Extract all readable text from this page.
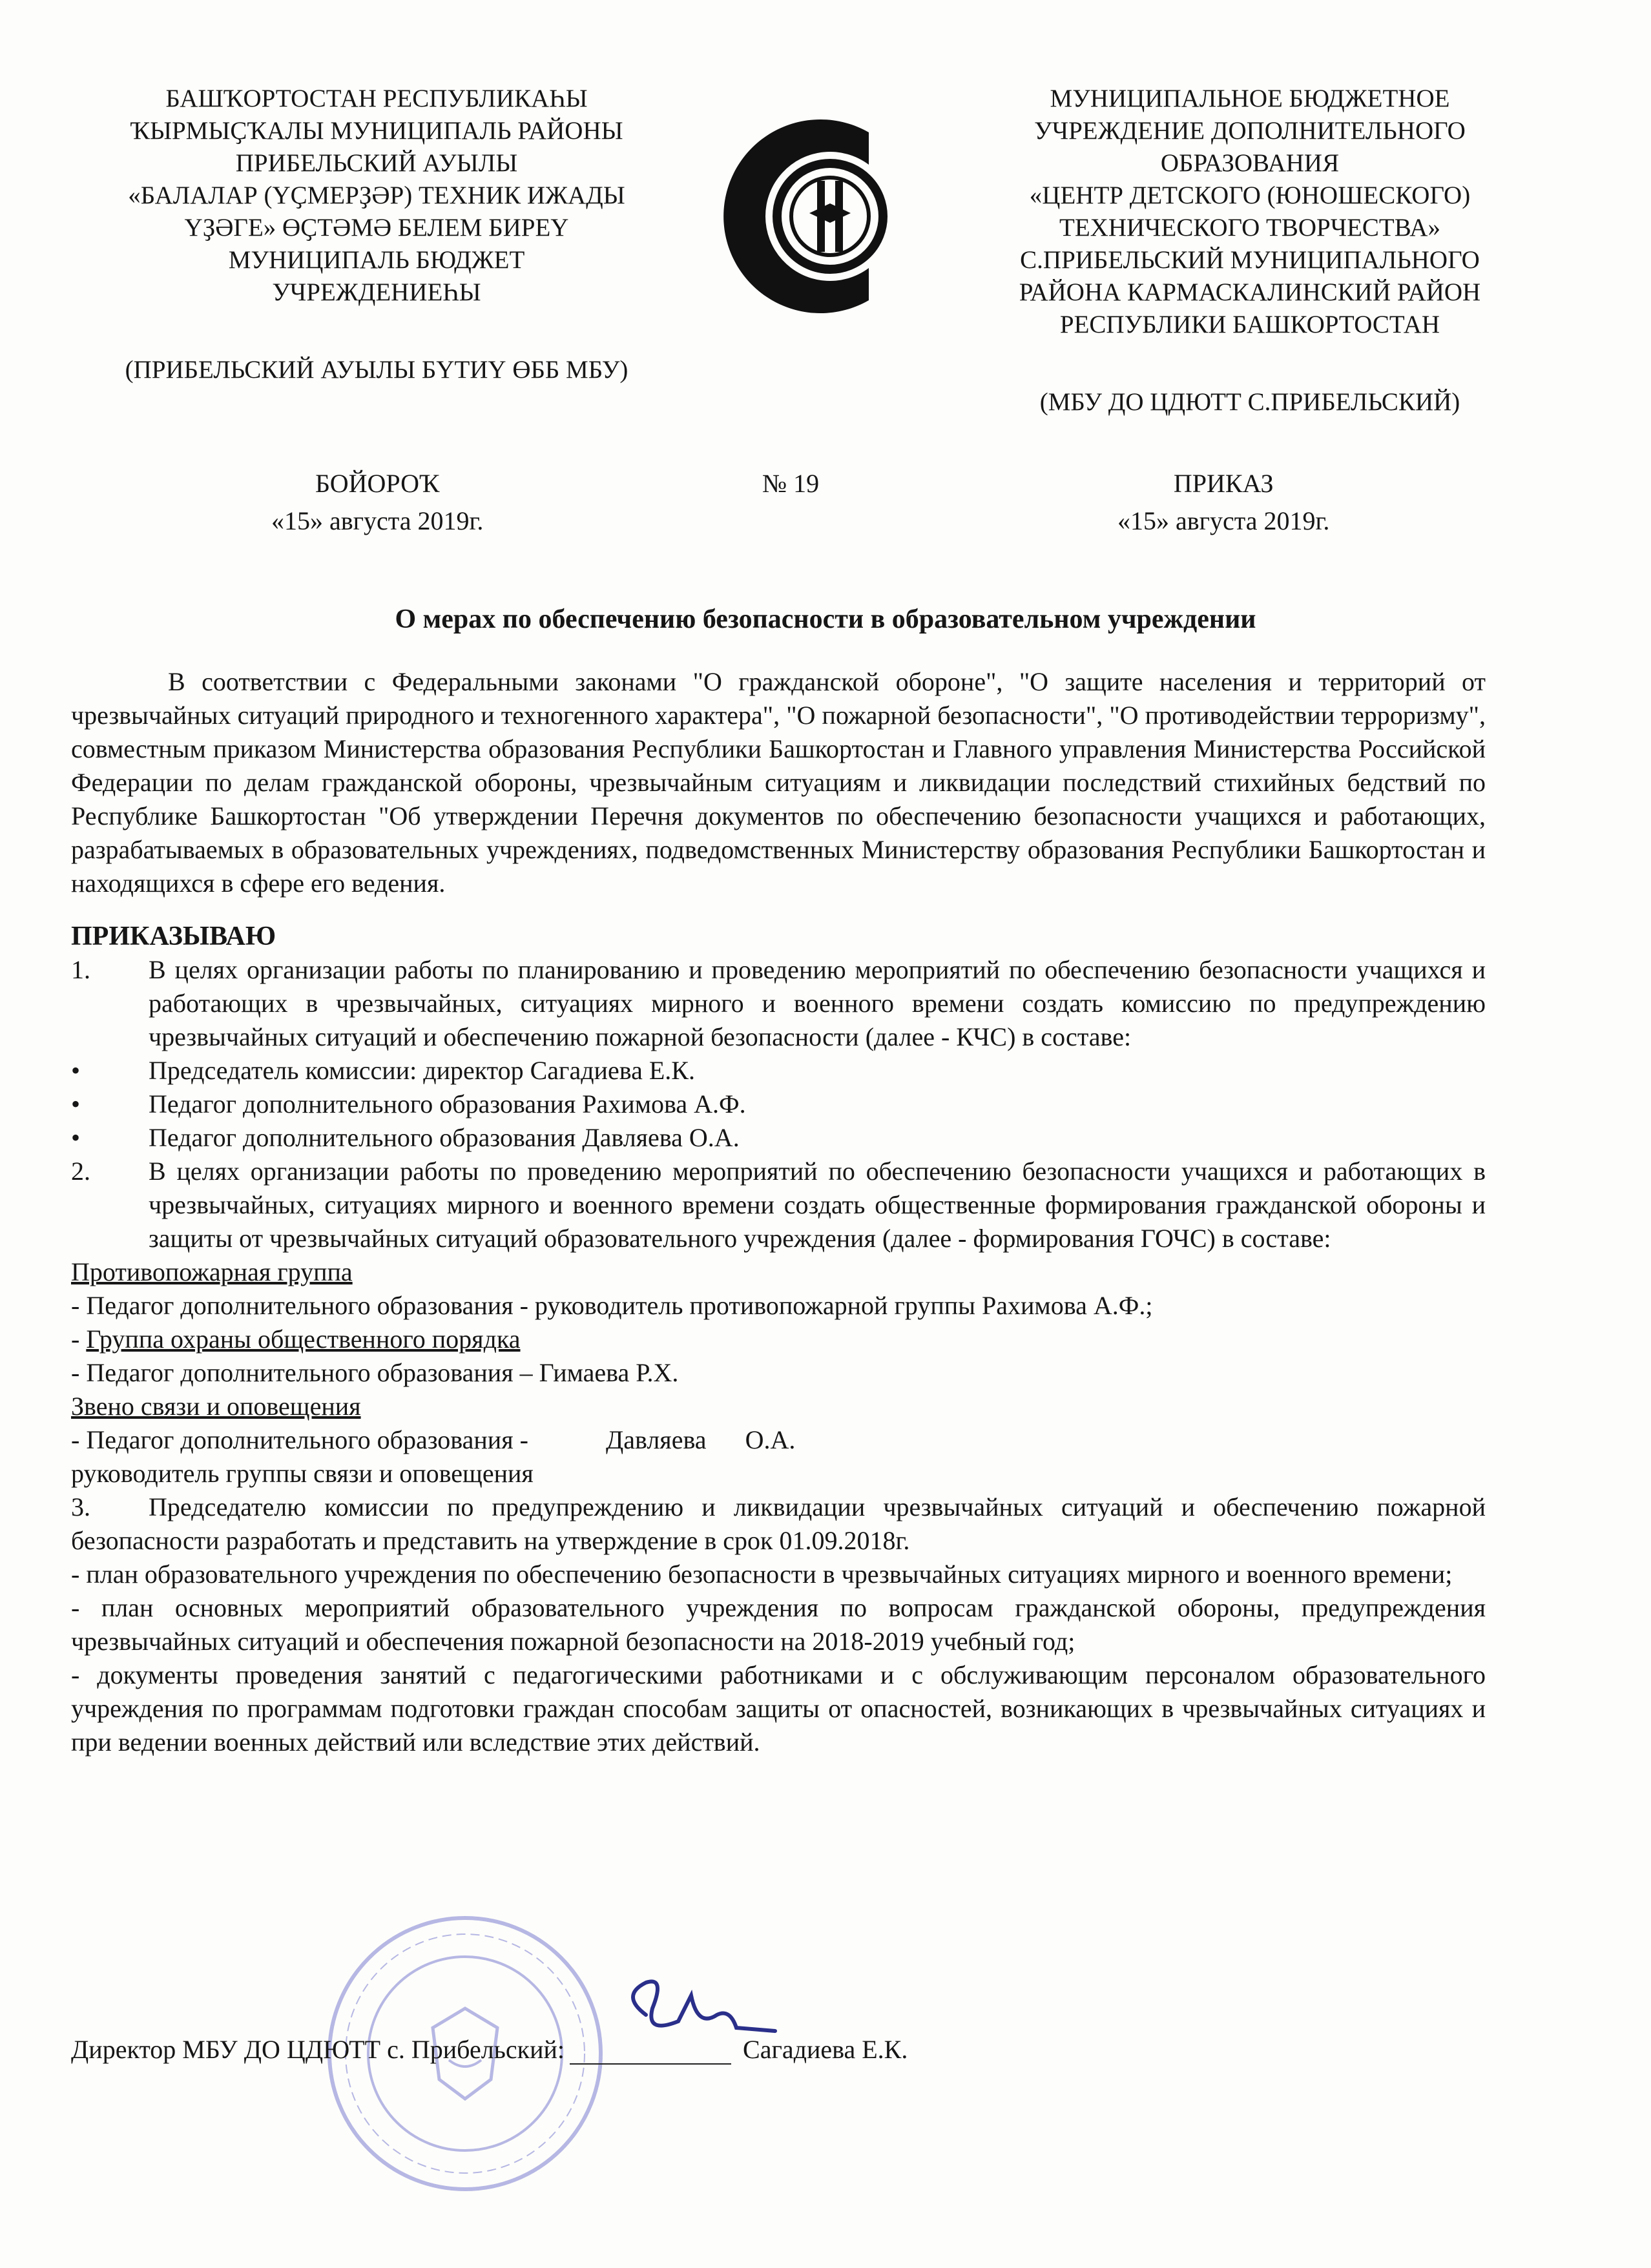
БАШҠОРТОСТАН РЕСПУБЛИКАҺЫ
ҠЫРМЫҪҠАЛЫ МУНИЦИПАЛЬ РАЙОНЫ
ПРИБЕЛЬСКИЙ АУЫЛЫ
«БАЛАЛАР (ҮҪМЕРҘӘР) ТЕХНИК ИЖАДЫ
ҮҘӘГЕ» ӨҪТӘМӘ БЕЛЕМ БИРЕҮ
МУНИЦИПАЛЬ БЮДЖЕТ
УЧРЕЖДЕНИЕҺЫ
(ПРИБЕЛЬСКИЙ АУЫЛЫ БҮТИҮ ӨББ МБУ)
МУНИЦИПАЛЬНОЕ БЮДЖЕТНОЕ
УЧРЕЖДЕНИЕ ДОПОЛНИТЕЛЬНОГО
ОБРАЗОВАНИЯ
«ЦЕНТР ДЕТСКОГО (ЮНОШЕСКОГО)
ТЕХНИЧЕСКОГО ТВОРЧЕСТВА»
С.ПРИБЕЛЬСКИЙ МУНИЦИПАЛЬНОГО
РАЙОНА КАРМАСКАЛИНСКИЙ РАЙОН
РЕСПУБЛИКИ БАШКОРТОСТАН
(МБУ ДО ЦДЮТТ С.ПРИБЕЛЬСКИЙ)
БОЙОРОҠ
«15» августа 2019г.
№ 19	ПРИКАЗ
«15» августа 2019г.
О мерах по обеспечению безопасности в образовательном учреждении
В соответствии с Федеральными законами "О гражданской обороне", "О защите населения и территорий от чрезвычайных ситуаций природного и техногенного характера", "О пожарной безопасности", "О противодействии терроризму", совместным приказом Министерства образования Республики Башкортостан и Главного управления Министерства Российской Федерации по делам гражданской обороны, чрезвычайным ситуациям и ликвидации последствий стихийных бедствий по Республике Башкортостан "Об утверждении Перечня документов по обеспечению безопасности учащихся и работающих, разрабатываемых в образовательных учреждениях, подведомственных Министерству образования Республики Башкортостан и находящихся в сфере его ведения.
ПРИКАЗЫВАЮ
1. В целях организации работы по планированию и проведению мероприятий по обеспечению безопасности учащихся и работающих в чрезвычайных, ситуациях мирного и военного времени создать комиссию по предупреждению чрезвычайных ситуаций и обеспечению пожарной безопасности (далее - КЧС) в составе:
•	Председатель комиссии: директор Сагадиева Е.К.
•	Педагог дополнительного образования Рахимова А.Ф.
•	Педагог дополнительного образования Давляева О.А.
2. В целях организации работы по проведению мероприятий по обеспечению безопасности учащихся и работающих в чрезвычайных, ситуациях мирного и военного времени создать общественные формирования гражданской обороны и защиты от чрезвычайных ситуаций образовательного учреждения (далее - формирования ГОЧС) в составе:
Противопожарная группа
- Педагог дополнительного образования - руководитель противопожарной группы Рахимова А.Ф.;
- Группа охраны общественного порядка
- Педагог дополнительного образования – Гимаева Р.Х.
Звено связи и оповещения
- Педагог дополнительного образования -	Давляева О.А.
руководитель группы связи и оповещения
3. Председателю комиссии по предупреждению и ликвидации чрезвычайных ситуаций и обеспечению пожарной безопасности разработать и представить на утверждение в срок 01.09.2018г.
- план образовательного учреждения по обеспечению безопасности в чрезвычайных ситуациях мирного и военного времени;
- план основных мероприятий образовательного учреждения по вопросам гражданской обороны, предупреждения чрезвычайных ситуаций и обеспечения пожарной безопасности на 2018-2019 учебный год;
- документы проведения занятий с педагогическими работниками и с обслуживающим персоналом образовательного учреждения по программам подготовки граждан способам защиты от опасностей, возникающих в чрезвычайных ситуациях и при ведении военных действий или вследствие этих действий.
Директор МБУ ДО ЦДЮТТ с. Прибельский:	Сагадиева Е.К.
